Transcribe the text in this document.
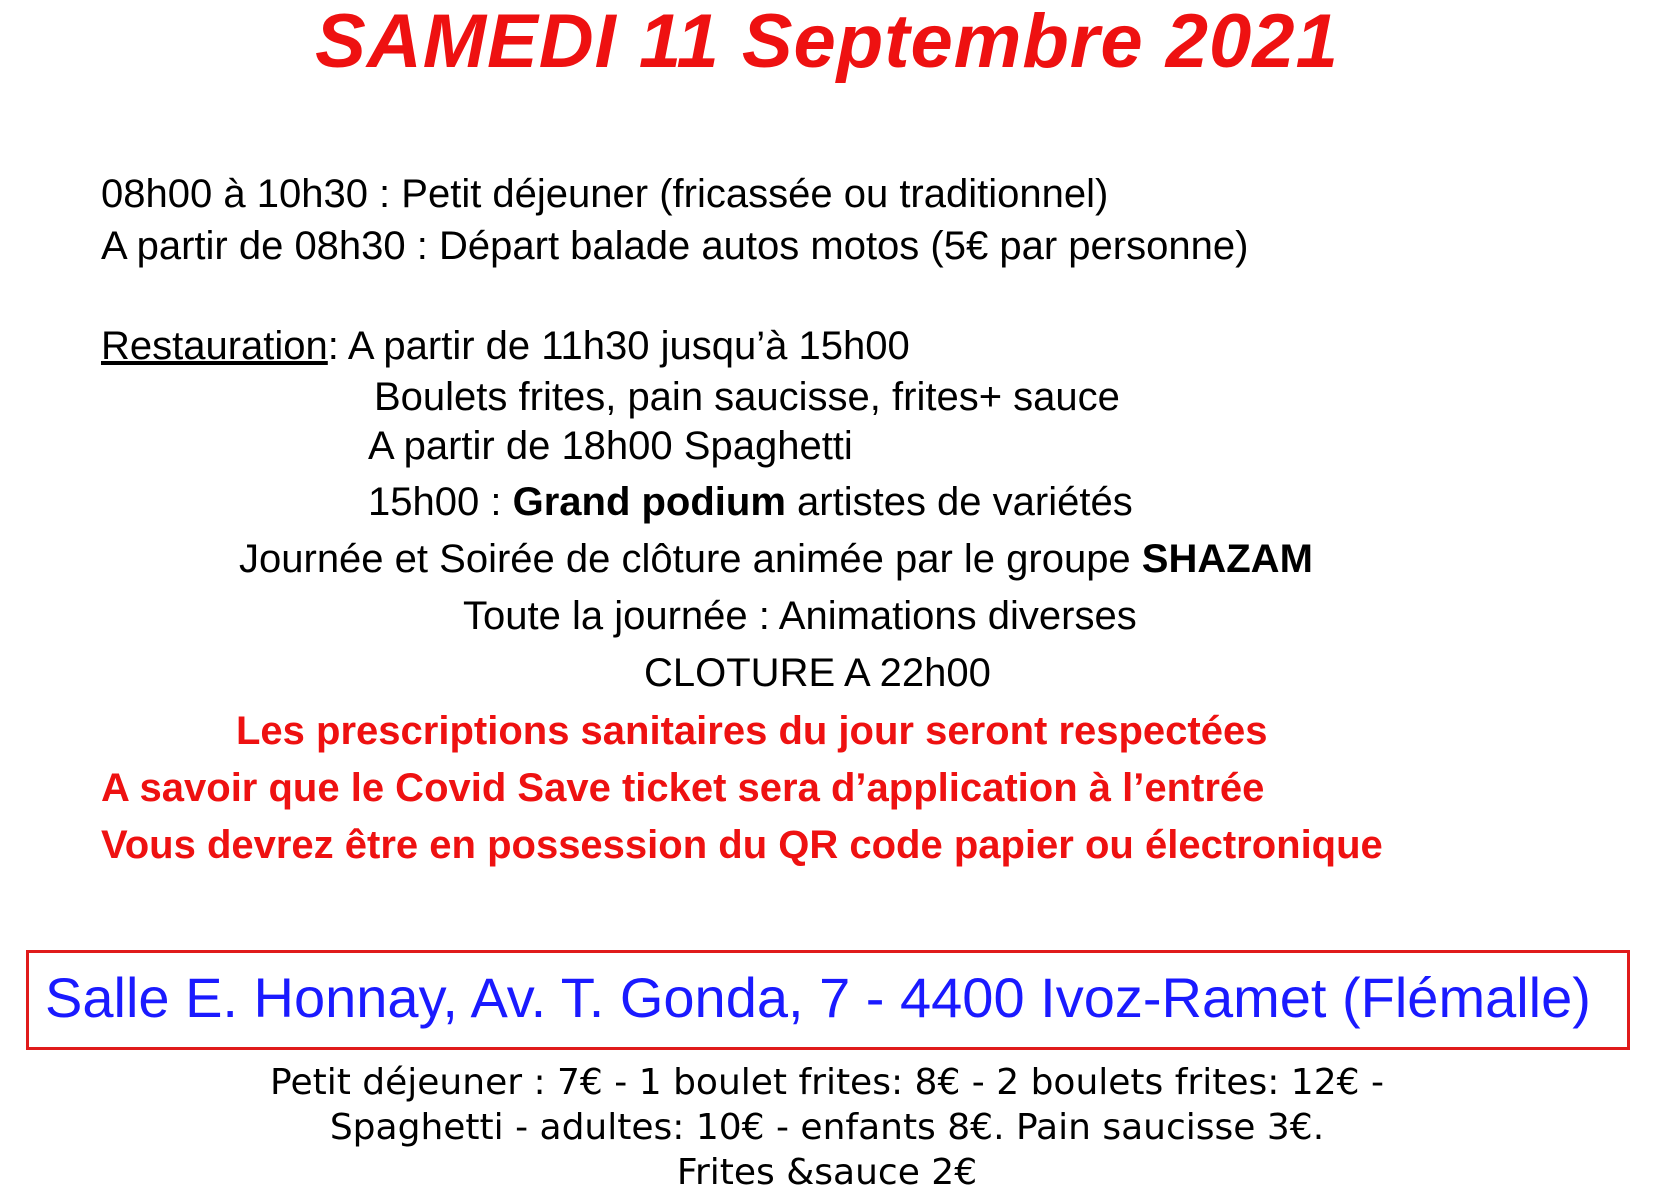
SAMEDI 11 Septembre 2021
08h00 à 10h30 : Petit déjeuner (fricassée ou traditionnel)
A partir de 08h30 : Départ balade autos motos (5€ par personne)
Restauration: A partir de 11h30 jusqu’à 15h00
Boulets frites, pain saucisse, frites+ sauce
A partir de 18h00 Spaghetti
15h00 : Grand podium artistes de variétés
Journée et Soirée de clôture animée par le groupe SHAZAM
Toute la journée : Animations diverses
CLOTURE A 22h00
Les prescriptions sanitaires du jour seront respectées
A savoir que le Covid Save ticket sera d’application à l’entrée
Vous devrez être en possession du QR code papier ou électronique
Salle E. Honnay, Av. T. Gonda, 7 - 4400 Ivoz-Ramet (Flémalle)
Petit déjeuner : 7€ - 1 boulet frites: 8€ - 2 boulets frites: 12€ -
Spaghetti - adultes: 10€ - enfants 8€. Pain saucisse 3€.
Frites &sauce 2€
